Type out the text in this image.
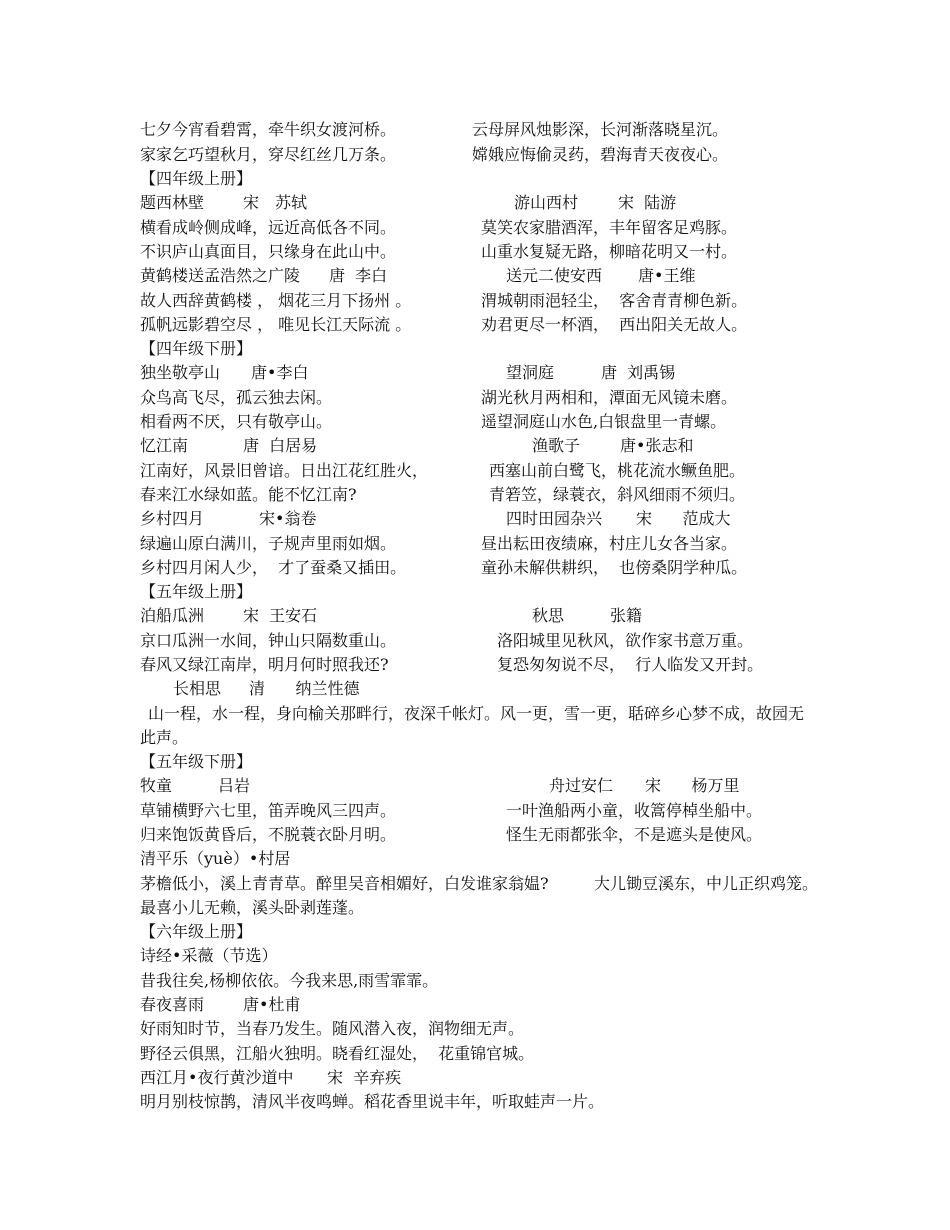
七夕今宵看碧霄，牵牛织女渡河桥。	云母屏风烛影深，长河渐落晓星沉。
家家乞巧望秋月，穿尽红丝几万条。	嫦娥应悔偷灵药，碧海青天夜夜心。
【四年级上册】
题西林壁 宋　苏轼	游山西村 宋  陆游
横看成岭侧成峰，远近高低各不同。	莫笑农家腊酒浑，丰年留客足鸡豚。
不识庐山真面目，只缘身在此山中。	山重水复疑无路，柳暗花明又一村。
黄鹤楼送孟浩然之广陵 唐  李白	送元二使安西 唐•王维
故人西辞黄鹤楼 ， 烟花三月下扬州 。	渭城朝雨浥轻尘，  客舍青青柳色新。
孤帆远影碧空尽 ， 唯见长江天际流 。	劝君更尽一杯酒，  西出阳关无故人。
【四年级下册】
独坐敬亭山 唐•李白	望洞庭	唐  刘禹锡
众鸟高飞尽，孤云独去闲。	湖光秋月两相和，潭面无风镜未磨。
相看两不厌，只有敬亭山。	遥望洞庭山水色,白银盘里一青螺。
忆江南	唐  白居易	渔歌子 唐•张志和
江南好，风景旧曾谙。日出江花红胜火，	西塞山前白鹭飞，桃花流水鳜鱼肥。
春来江水绿如蓝。能不忆江南?	青箬笠，绿蓑衣，斜风细雨不须归。
乡村四月	宋•翁卷	四时田园杂兴 宋      范成大
绿遍山原白满川，子规声里雨如烟。	昼出耘田夜绩麻，村庄儿女各当家。
乡村四月闲人少，  才了蚕桑又插田。	童孙未解供耕织，  也傍桑阴学种瓜。
【五年级上册】
泊船瓜洲 宋  王安石	秋思	张籍
京口瓜洲一水间，钟山只隔数重山。	洛阳城里见秋风，欲作家书意万重。
春风又绿江南岸，明月何时照我还?	复恐匆匆说不尽，  行人临发又开封。
长相思 清      纳兰性德
山一程，水一程，身向榆关那畔行，夜深千帐灯。风一更，雪一更，聒碎乡心梦不成，故园无
此声。
【五年级下册】
牧童	吕岩	舟过安仁 宋      杨万里
草铺横野六七里，笛弄晚风三四声。	一叶渔船两小童，收篙停棹坐船中。
归来饱饭黄昏后，不脱蓑衣卧月明。	怪生无雨都张伞，不是遮头是使风。
清平乐（yuè）•村居
茅檐低小，溪上青青草。醉里吴音相媚好，白发谁家翁媪?	大儿锄豆溪东，中儿正织鸡笼。
最喜小儿无赖，溪头卧剥莲蓬。
【六年级上册】
诗经•采薇（节选）
昔我往矣,杨柳依依。今我来思,雨雪霏霏。
春夜喜雨 唐•杜甫
好雨知时节，当春乃发生。随风潜入夜，润物细无声。
野径云俱黑，江船火独明。晓看红湿处，  花重锦官城。
西江月•夜行黄沙道中 宋  辛弃疾
明月别枝惊鹊，清风半夜鸣蝉。稻花香里说丰年，听取蛙声一片。
